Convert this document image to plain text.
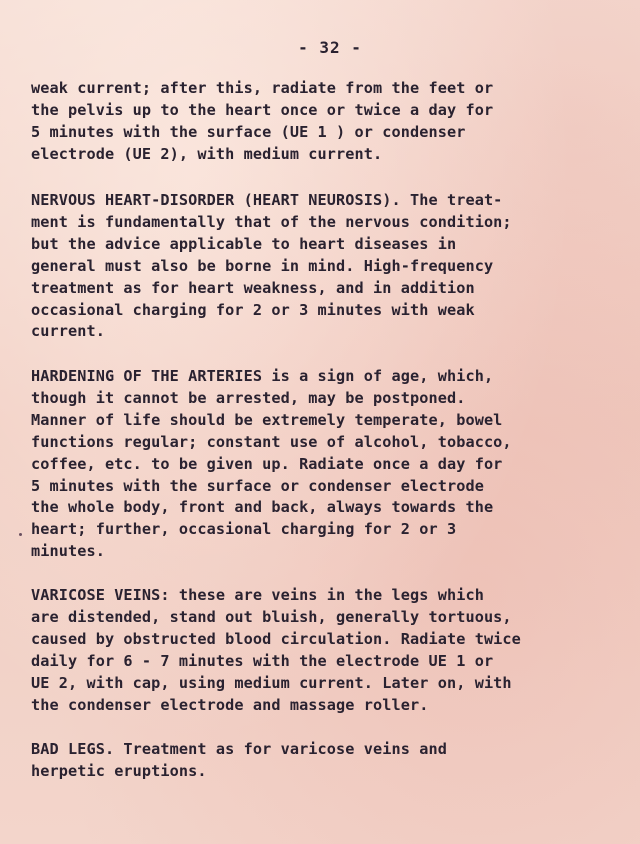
- 32 -
weak current; after this, radiate from the feet or
the pelvis up to the heart once or twice a day for
5 minutes with the surface (UE 1 ) or condenser
electrode (UE 2), with medium current.
NERVOUS HEART-DISORDER (HEART NEUROSIS). The treat-
ment is fundamentally that of the nervous condition;
but the advice applicable to heart diseases in
general must also be borne in mind. High-frequency
treatment as for heart weakness, and in addition
occasional charging for 2 or 3 minutes with weak
current.
HARDENING OF THE ARTERIES is a sign of age, which,
though it cannot be arrested, may be postponed.
Manner of life should be extremely temperate, bowel
functions regular; constant use of alcohol, tobacco,
coffee, etc. to be given up. Radiate once a day for
5 minutes with the surface or condenser electrode
the whole body, front and back, always towards the
heart; further, occasional charging for 2 or 3
minutes.
VARICOSE VEINS: these are veins in the legs which
are distended, stand out bluish, generally tortuous,
caused by obstructed blood circulation. Radiate twice
daily for 6 - 7 minutes with the electrode UE 1 or
UE 2, with cap, using medium current. Later on, with
the condenser electrode and massage roller.
BAD LEGS. Treatment as for varicose veins and
herpetic eruptions.
